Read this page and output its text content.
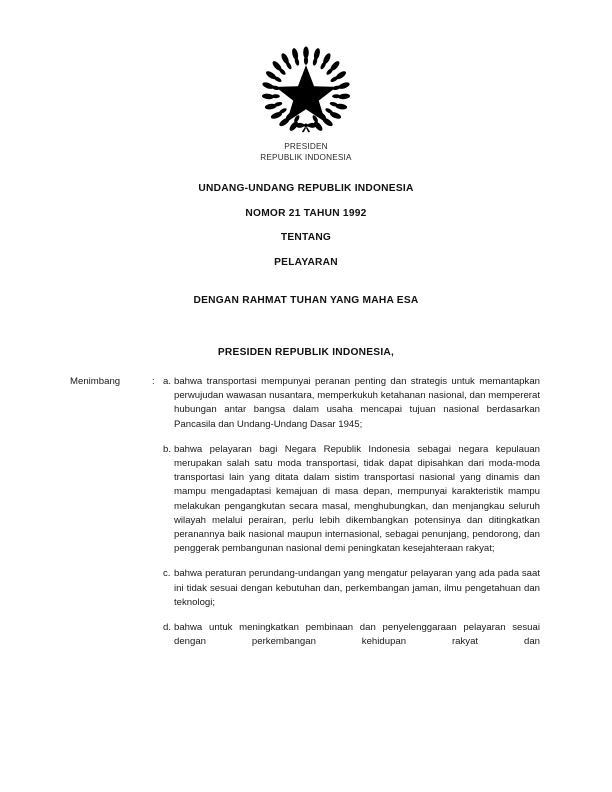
PRESIDEN
REPUBLIK INDONESIA
UNDANG-UNDANG REPUBLIK INDONESIA
NOMOR 21 TAHUN 1992
TENTANG
PELAYARAN
DENGAN RAHMAT TUHAN YANG MAHA ESA
PRESIDEN REPUBLIK INDONESIA,
Menimbang	: a. bahwa transportasi mempunyai peranan penting dan strategis untuk memantapkan perwujudan wawasan nusantara, memperkukuh ketahanan nasional, dan mempererat hubungan antar bangsa dalam usaha mencapai tujuan nasional berdasarkan Pancasila dan Undang-Undang Dasar 1945;
b. bahwa pelayaran bagi Negara Republik Indonesia sebagai negara kepulauan merupakan salah satu moda transportasi, tidak dapat dipisahkan dari moda-moda transportasi lain yang ditata dalam sistim transportasi nasional yang dinamis dan mampu mengadaptasi kemajuan di masa depan, mempunyai karakteristik mampu melakukan pengangkutan secara masal, menghubungkan, dan menjangkau seluruh wilayah melalui perairan, perlu lebih dikembangkan potensinya dan ditingkatkan peranannya baik nasional maupun internasional, sebagai penunjang, pendorong, dan penggerak pembangunan nasional demi peningkatan kesejahteraan rakyat;
c. bahwa peraturan perundang-undangan yang mengatur pelayaran yang ada pada saat ini tidak sesuai dengan kebutuhan dan, perkembangan jaman, ilmu pengetahuan dan teknologi;
d. bahwa untuk meningkatkan pembinaan dan penyelenggaraan pelayaran sesuai dengan perkembangan kehidupan rakyat dan
